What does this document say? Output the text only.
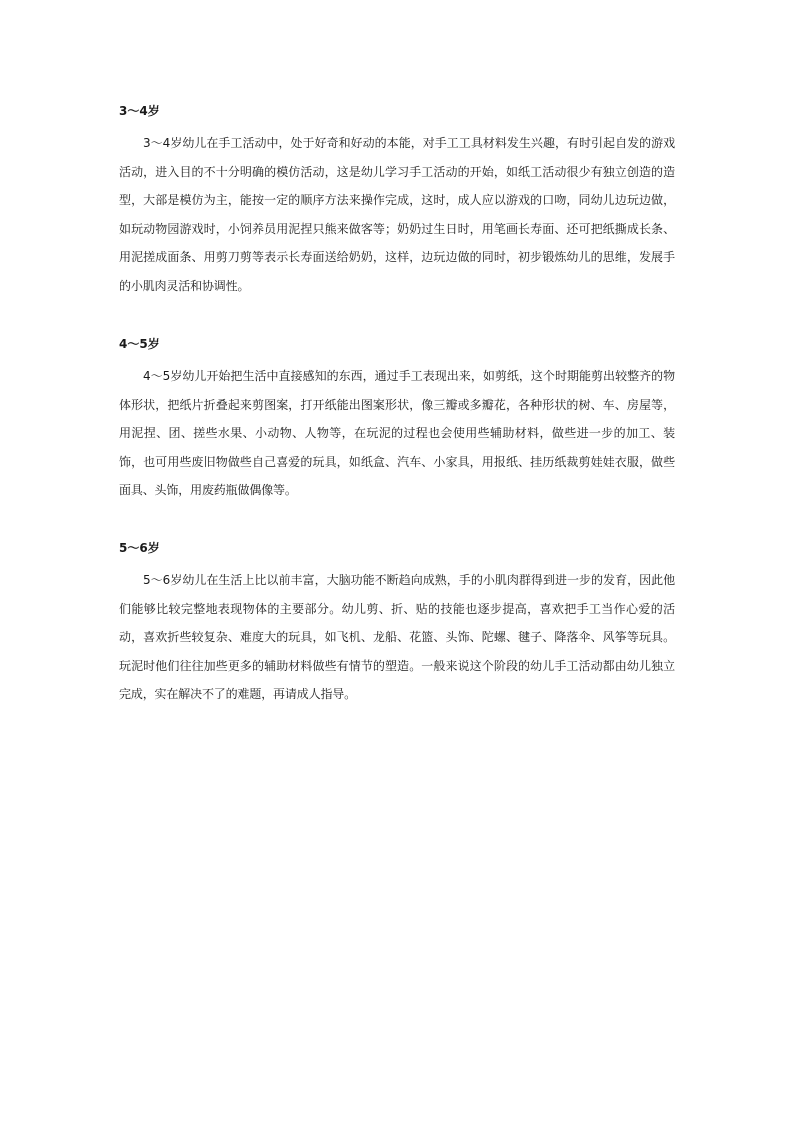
3～4岁

3～4岁幼儿在手工活动中，处于好奇和好动的本能，对手工工具材料发生兴趣，有时引起自发的游戏活动，进入目的不十分明确的模仿活动，这是幼儿学习手工活动的开始，如纸工活动很少有独立创造的造型，大部是模仿为主，能按一定的顺序方法来操作完成，这时，成人应以游戏的口吻，同幼儿边玩边做，如玩动物园游戏时，小饲养员用泥捏只熊来做客等；奶奶过生日时，用笔画长寿面、还可把纸撕成长条、用泥搓成面条、用剪刀剪等表示长寿面送给奶奶，这样，边玩边做的同时，初步锻炼幼儿的思维，发展手的小肌肉灵活和协调性。

4～5岁

4～5岁幼儿开始把生活中直接感知的东西，通过手工表现出来，如剪纸，这个时期能剪出较整齐的物体形状，把纸片折叠起来剪图案，打开纸能出图案形状，像三瓣或多瓣花，各种形状的树、车、房屋等，用泥捏、团、搓些水果、小动物、人物等，在玩泥的过程也会使用些辅助材料，做些进一步的加工、装饰，也可用些废旧物做些自己喜爱的玩具，如纸盒、汽车、小家具，用报纸、挂历纸裁剪娃娃衣服，做些面具、头饰，用废药瓶做偶像等。

5～6岁

5～6岁幼儿在生活上比以前丰富，大脑功能不断趋向成熟，手的小肌肉群得到进一步的发育，因此他们能够比较完整地表现物体的主要部分。幼儿剪、折、贴的技能也逐步提高，喜欢把手工当作心爱的活动，喜欢折些较复杂、难度大的玩具，如飞机、龙船、花篮、头饰、陀螺、毽子、降落伞、风筝等玩具。玩泥时他们往往加些更多的辅助材料做些有情节的塑造。一般来说这个阶段的幼儿手工活动都由幼儿独立完成，实在解决不了的难题，再请成人指导。
